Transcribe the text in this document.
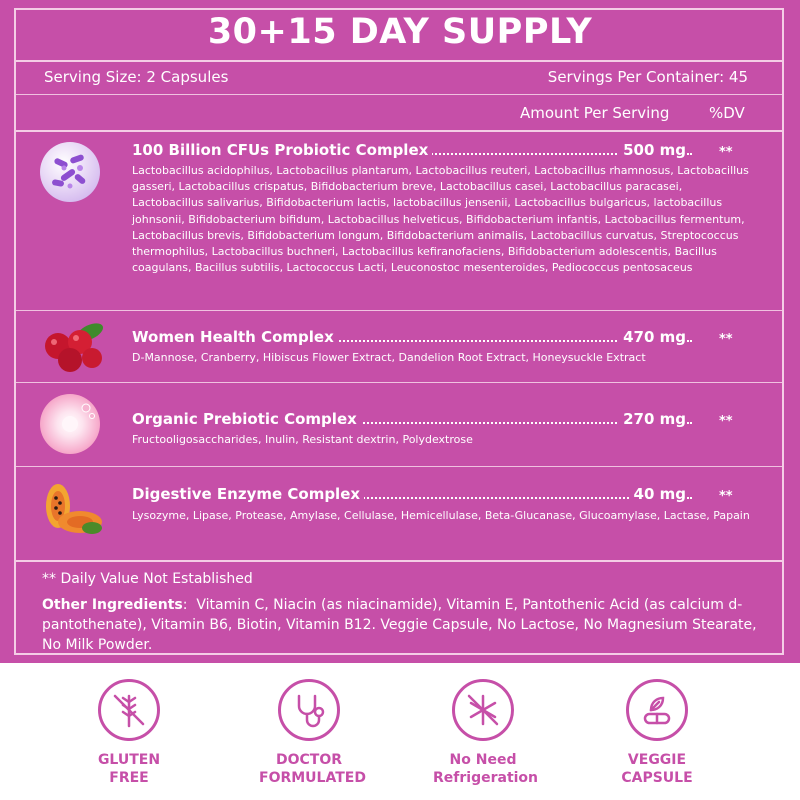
30+15 DAY SUPPLY
Serving Size: 2 Capsules	Servings Per Container: 45
Amount Per Serving	%DV
100 Billion CFUs Probiotic Complex	500 mg	**
Lactobacillus acidophilus, Lactobacillus plantarum, Lactobacillus reuteri, Lactobacillus rhamnosus, Lactobacillus gasseri, Lactobacillus crispatus, Bifidobacterium breve, Lactobacillus casei, Lactobacillus paracasei, Lactobacillus salivarius, Bifidobacterium lactis, lactobacillus jensenii, Lactobacillus bulgaricus, lactobacillus johnsonii, Bifidobacterium bifidum, Lactobacillus helveticus, Bifidobacterium infantis, Lactobacillus fermentum, Lactobacillus brevis, Bifidobacterium longum, Bifidobacterium animalis, Lactobacillus curvatus, Streptococcus thermophilus, Lactobacillus buchneri, Lactobacillus kefiranofaciens, Bifidobacterium adolescentis, Bacillus coagulans, Bacillus subtilis, Lactococcus Lacti, Leuconostoc mesenteroides, Pediococcus pentosaceus
Women Health Complex	470 mg	**
D-Mannose, Cranberry, Hibiscus Flower Extract, Dandelion Root Extract, Honeysuckle Extract
Organic Prebiotic Complex	270 mg	**
Fructooligosaccharides, Inulin, Resistant dextrin, Polydextrose
Digestive Enzyme Complex	40 mg	**
Lysozyme, Lipase, Protease, Amylase, Cellulase, Hemicellulase, Beta-Glucanase, Glucoamylase, Lactase, Papain
** Daily Value Not Established
Other Ingredients:  Vitamin C, Niacin (as niacinamide), Vitamin E, Pantothenic Acid (as calcium d-pantothenate), Vitamin B6, Biotin, Vitamin B12. Veggie Capsule, No Lactose, No Magnesium Stearate, No Milk Powder.
GLUTEN
FREE
DOCTOR
FORMULATED
No Need
Refrigeration
VEGGIE
CAPSULE
